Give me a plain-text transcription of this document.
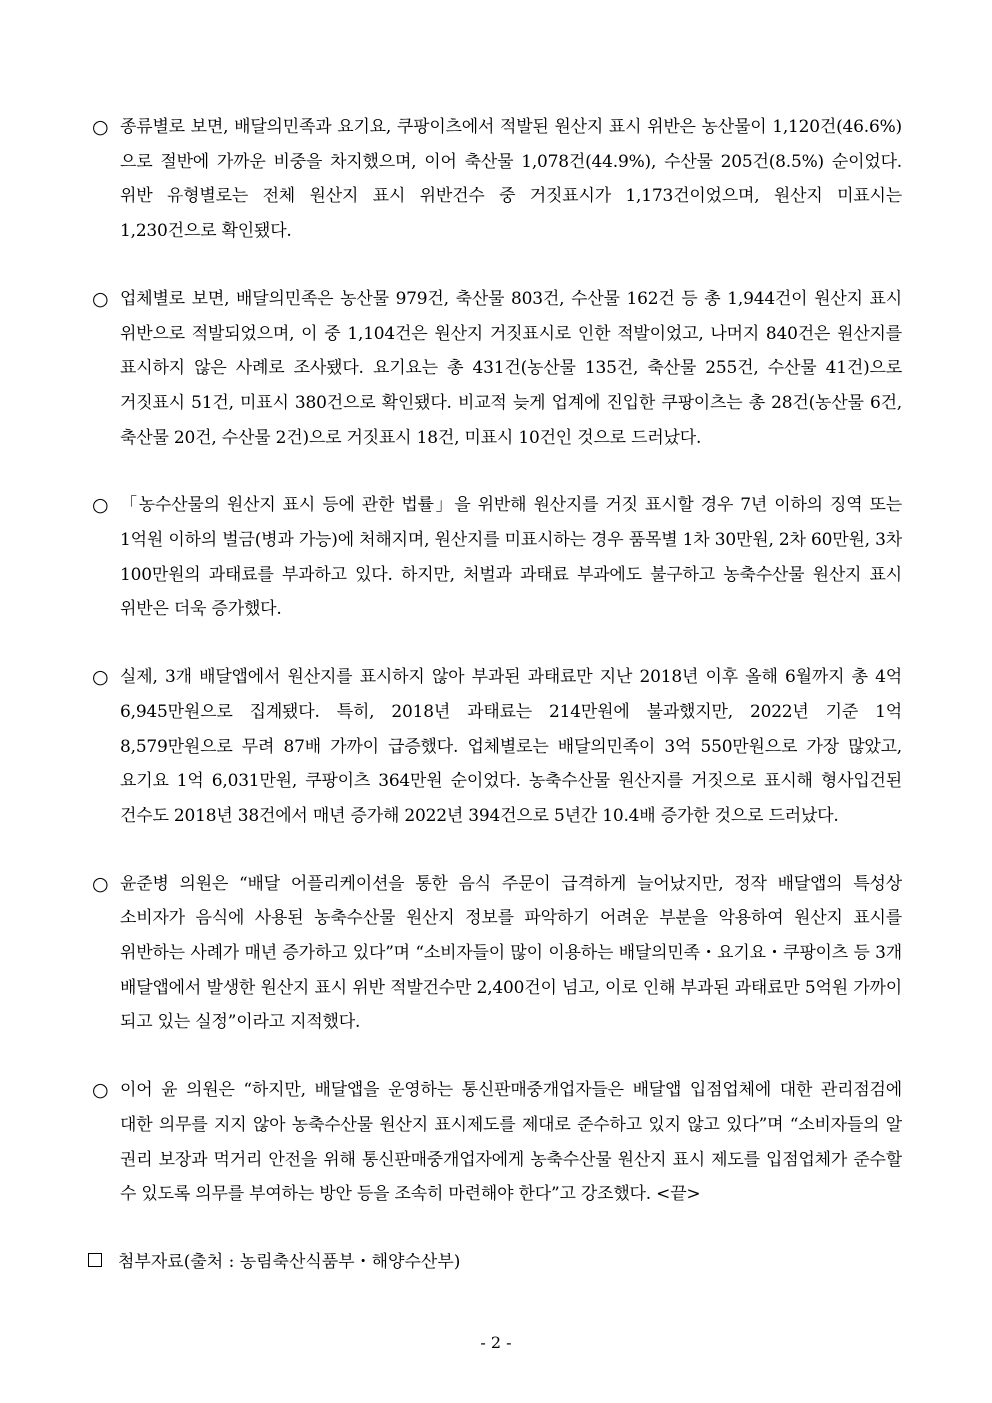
○ 종류별로 보면, 배달의민족과 요기요, 쿠팡이츠에서 적발된 원산지 표시 위반은 농산물이 1,120건(46.6%)으로 절반에 가까운 비중을 차지했으며, 이어 축산물 1,078건(44.9%), 수산물 205건(8.5%) 순이었다. 위반 유형별로는 전체 원산지 표시 위반건수 중 거짓표시가 1,173건이었으며, 원산지 미표시는 1,230건으로 확인됐다.
○ 업체별로 보면, 배달의민족은 농산물 979건, 축산물 803건, 수산물 162건 등 총 1,944건이 원산지 표시 위반으로 적발되었으며, 이 중 1,104건은 원산지 거짓표시로 인한 적발이었고, 나머지 840건은 원산지를 표시하지 않은 사례로 조사됐다. 요기요는 총 431건(농산물 135건, 축산물 255건, 수산물 41건)으로 거짓표시 51건, 미표시 380건으로 확인됐다. 비교적 늦게 업계에 진입한 쿠팡이츠는 총 28건(농산물 6건, 축산물 20건, 수산물 2건)으로 거짓표시 18건, 미표시 10건인 것으로 드러났다.
○ 「농수산물의 원산지 표시 등에 관한 법률」을 위반해 원산지를 거짓 표시할 경우 7년 이하의 징역 또는 1억원 이하의 벌금(병과 가능)에 처해지며, 원산지를 미표시하는 경우 품목별 1차 30만원, 2차 60만원, 3차 100만원의 과태료를 부과하고 있다. 하지만, 처벌과 과태료 부과에도 불구하고 농축수산물 원산지 표시 위반은 더욱 증가했다.
○ 실제, 3개 배달앱에서 원산지를 표시하지 않아 부과된 과태료만 지난 2018년 이후 올해 6월까지 총 4억 6,945만원으로 집계됐다. 특히, 2018년 과태료는 214만원에 불과했지만, 2022년 기준 1억 8,579만원으로 무려 87배 가까이 급증했다. 업체별로는 배달의민족이 3억 550만원으로 가장 많았고, 요기요 1억 6,031만원, 쿠팡이츠 364만원 순이었다. 농축수산물 원산지를 거짓으로 표시해 형사입건된 건수도 2018년 38건에서 매년 증가해 2022년 394건으로 5년간 10.4배 증가한 것으로 드러났다.
○ 윤준병 의원은 “배달 어플리케이션을 통한 음식 주문이 급격하게 늘어났지만, 정작 배달앱의 특성상 소비자가 음식에 사용된 농축수산물 원산지 정보를 파악하기 어려운 부분을 악용하여 원산지 표시를 위반하는 사례가 매년 증가하고 있다”며 “소비자들이 많이 이용하는 배달의민족・요기요・쿠팡이츠 등 3개 배달앱에서 발생한 원산지 표시 위반 적발건수만 2,400건이 넘고, 이로 인해 부과된 과태료만 5억원 가까이 되고 있는 실정”이라고 지적했다.
○ 이어 윤 의원은 “하지만, 배달앱을 운영하는 통신판매중개업자들은 배달앱 입점업체에 대한 관리점검에 대한 의무를 지지 않아 농축수산물 원산지 표시제도를 제대로 준수하고 있지 않고 있다”며 “소비자들의 알 권리 보장과 먹거리 안전을 위해 통신판매중개업자에게 농축수산물 원산지 표시 제도를 입점업체가 준수할 수 있도록 의무를 부여하는 방안 등을 조속히 마련해야 한다”고 강조했다. <끝>
첨부자료(출처 : 농림축산식품부・해양수산부)
- 2 -
